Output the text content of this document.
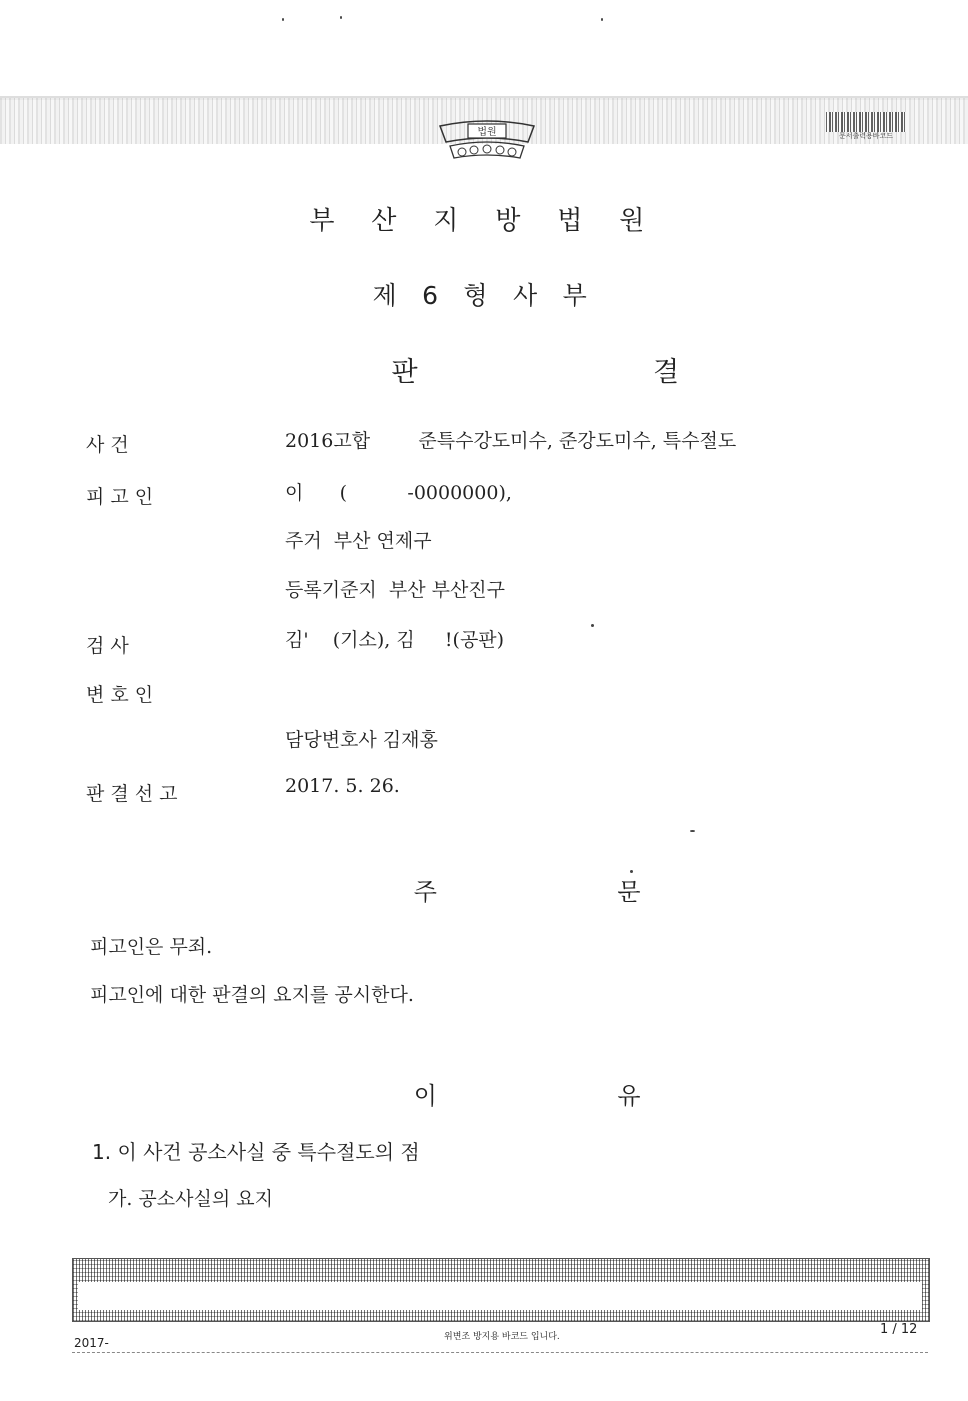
법원	문서출력용바코드
부 산 지 방 법 원
제 6 형 사 부
판 결
사 건	2016고합        준특수강도미수, 준강도미수, 특수절도
피 고 인	이      (          -0000000),
주거  부산 연제구
등록기준지  부산 부산진구
검 사	김'    (기소), 김     !(공판)
변 호 인
담당변호사 김재홍
판 결 선 고	2017. 5. 26.
주 문
피고인은 무죄.
피고인에 대한 판결의 요지를 공시한다.
이 유
1. 이 사건 공소사실 중 특수절도의 점
가. 공소사실의 요지
위변조 방지용 바코드 입니다.	1 / 12
2017-
